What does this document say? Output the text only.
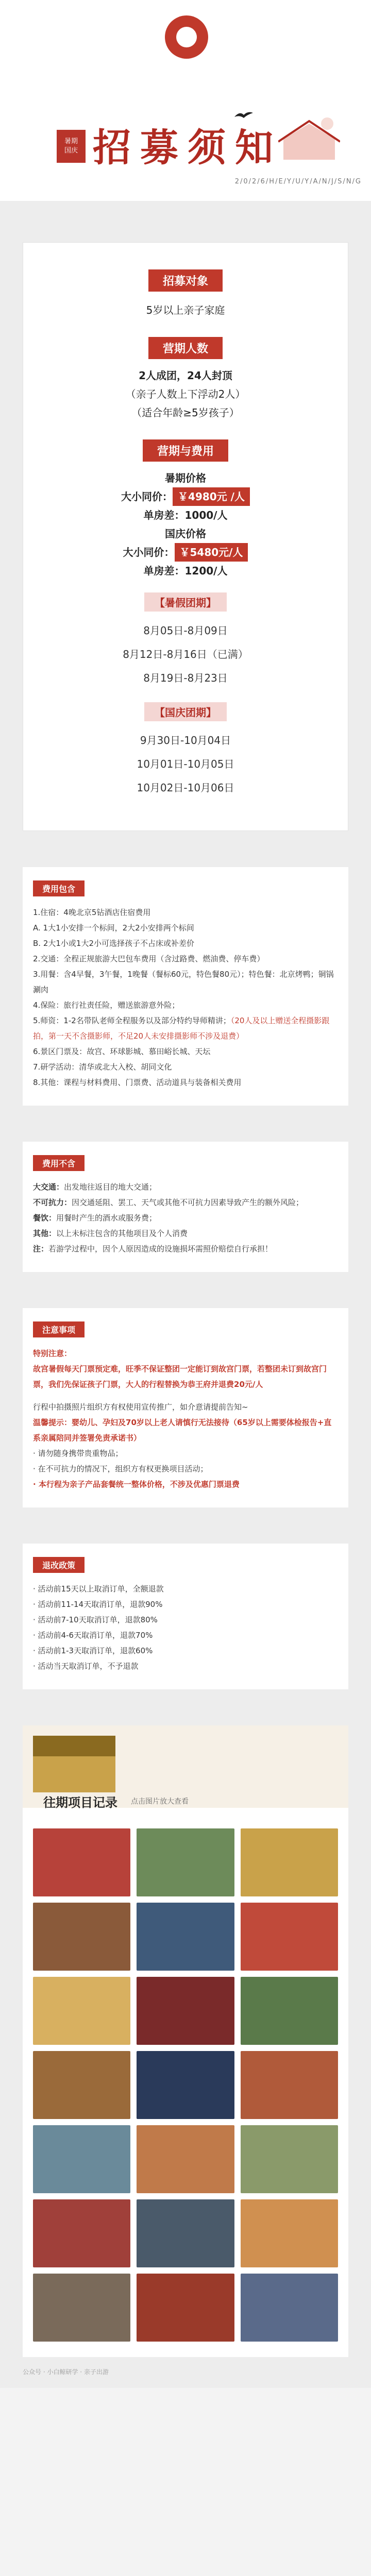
暑期
国庆 招募须知
2/0/2/6/H/E/Y/U/Y/A/N/J/S/N/G
招募对象
5岁以上亲子家庭
营期人数
2人成团，24人封顶
（亲子人数上下浮动2人）
（适合年龄≥5岁孩子）
营期与费用
暑期价格
大小同价： ￥4980元 /人
单房差：1000/人
国庆价格
大小同价： ￥5480元/人
单房差：1200/人
【暑假团期】
8月05日-8月09日
8月12日-8月16日（已满）
8月19日-8月23日
【国庆团期】
9月30日-10月04日
10月01日-10月05日
10月02日-10月06日
费用包含
1.住宿：4晚北京5钻酒店住宿费用
A. 1大1小安排一个标间，2大2小安排两个标间
B. 2大1小或1大2小可选择孩子不占床或补差价
2.交通：全程正规旅游大巴包车费用（含过路费、燃油费、停车费）
3.用餐：含4早餐，3午餐，1晚餐（餐标60元，特色餐80元）；特色餐：北京烤鸭；铜锅涮肉
4.保险：旅行社责任险，赠送旅游意外险；
5.师资：1-2名带队老师全程服务以及部分特约导师精讲；（20人及以上赠送全程摄影跟拍，第一天不含摄影师，不足20人未安排摄影师不涉及退费）
6.景区门票及：故宫、环球影城、慕田峪长城、天坛
7.研学活动：清华或北大入校、胡同文化
8.其他：课程与材料费用、门票费、活动道具与装备相关费用
费用不含
大交通：出发地往返目的地大交通；
不可抗力：因交通延阻、罢工、天气或其他不可抗力因素导致产生的额外风险；
餐饮：用餐时产生的酒水或服务费；
其他：以上未标注包含的其他项目及个人消费
注：若游学过程中，因个人原因造成的设施损坏需照价赔偿自行承担！
注意事项
特别注意：
故宫暑假每天门票预定难，旺季不保证整团一定能订到故宫门票，若整团未订到故宫门票，我们先保证孩子门票，大人的行程替换为恭王府并退费20元/人
行程中拍摄照片组织方有权使用宣传推广，如介意请提前告知~
温馨提示：婴幼儿、孕妇及70岁以上老人请慎行无法接待（65岁以上需要体检报告+直系亲属陪同并签署免责承诺书）
· 请勿随身携带贵重物品；
· 在不可抗力的情况下，组织方有权更换项目活动；
· 本行程为亲子产品套餐统一整体价格，不涉及优惠门票退费
退改政策
· 活动前15天以上取消订单，全额退款
· 活动前11-14天取消订单，退款90%
· 活动前7-10天取消订单，退款80%
· 活动前4-6天取消订单，退款70%
· 活动前1-3天取消订单，退款60%
· 活动当天取消订单，不予退款
往期项目记录 点击图片放大查看
公众号 · 小白鲸研学 · 亲子出游
